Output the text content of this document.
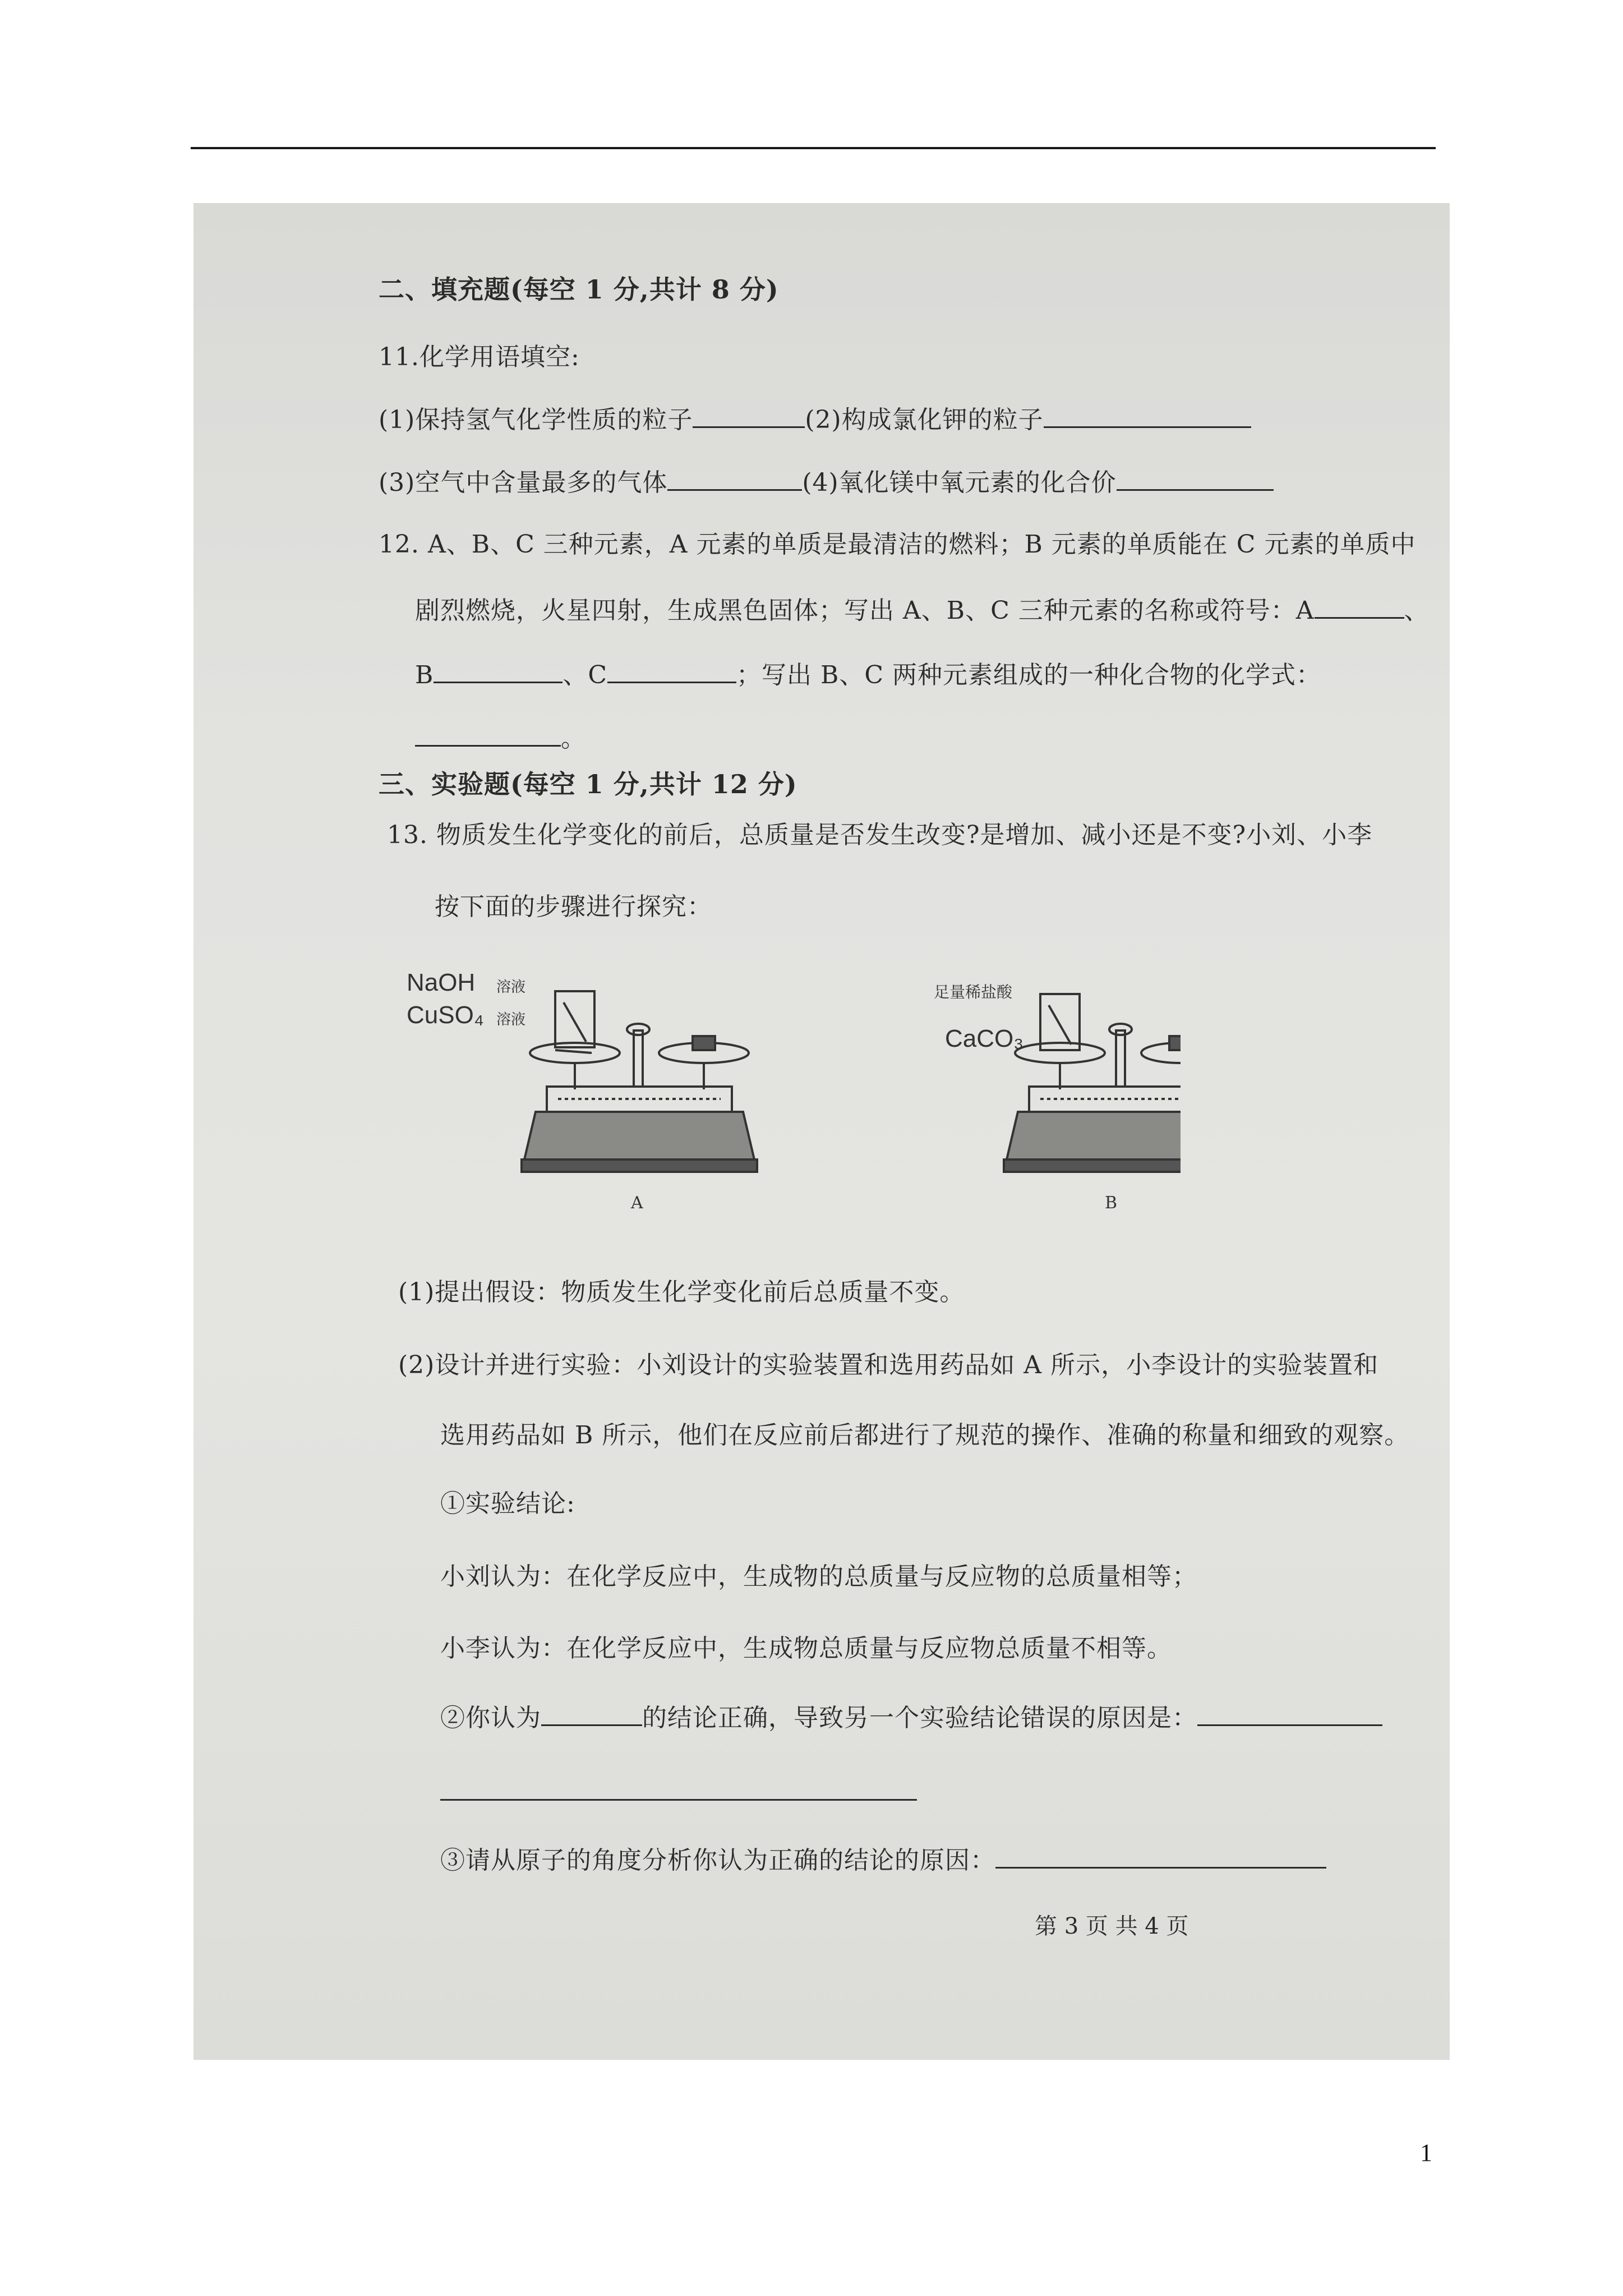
二、填充题(每空 1 分,共计 8 分)
11.化学用语填空:
(1)保持氢气化学性质的粒子	(2)构成氯化钾的粒子
(3)空气中含量最多的气体	(4)氧化镁中氧元素的化合价
12. A、B、C 三种元素，A 元素的单质是最清洁的燃料；B 元素的单质能在 C 元素的单质中
剧烈燃烧，火星四射，生成黑色固体；写出 A、B、C 三种元素的名称或符号：A	、
B	、C	；写出 B、C 两种元素组成的一种化合物的化学式：
。
三、实验题(每空 1 分,共计 12 分)
13. 物质发生化学变化的前后，总质量是否发生改变?是增加、减小还是不变?小刘、小李
按下面的步骤进行探究：
NaOH 溶液
CuSO₄ 溶液
A
足量稀盐酸
CaCO₃
B
(1)提出假设：物质发生化学变化前后总质量不变。
(2)设计并进行实验：小刘设计的实验装置和选用药品如 A 所示，小李设计的实验装置和
选用药品如 B 所示，他们在反应前后都进行了规范的操作、准确的称量和细致的观察。
①实验结论:
小刘认为：在化学反应中，生成物的总质量与反应物的总质量相等；
小李认为：在化学反应中，生成物总质量与反应物总质量不相等。
②你认为	的结论正确，导致另一个实验结论错误的原因是：
③请从原子的角度分析你认为正确的结论的原因：
第 3 页 共 4 页
1
